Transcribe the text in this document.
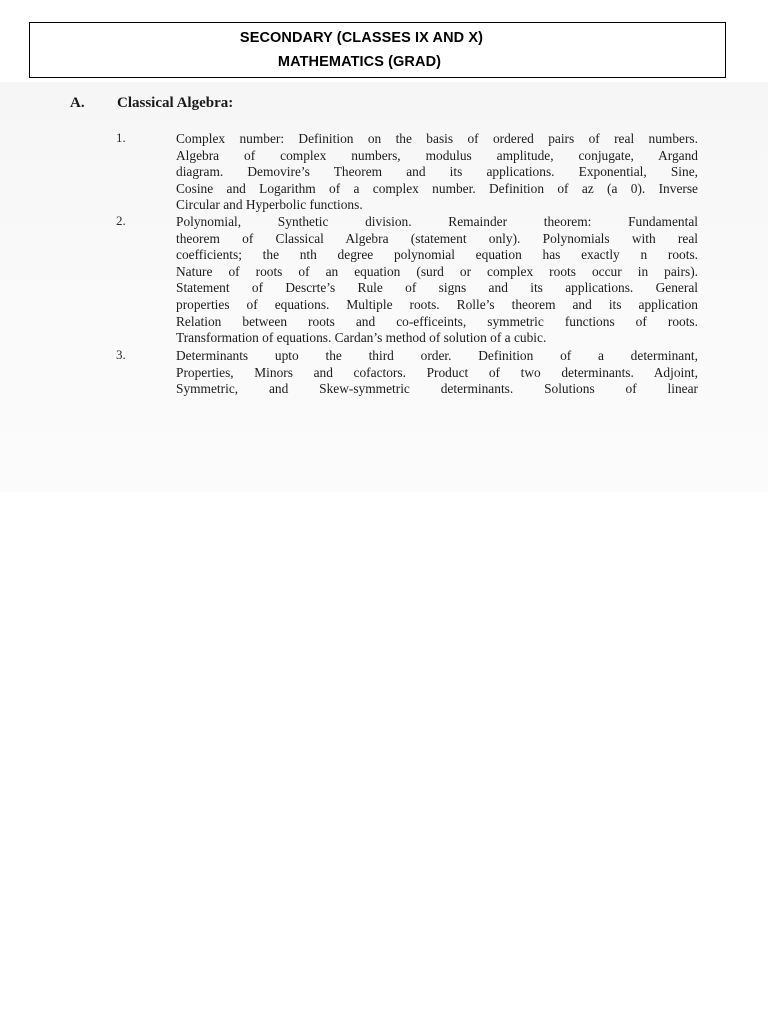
SECONDARY (CLASSES IX AND X)
MATHEMATICS (GRAD)
A. Classical Algebra:
1.	Complex number: Definition on the basis of ordered pairs of real numbers.
Algebra of complex numbers, modulus amplitude, conjugate, Argand
diagram. Demovire’s Theorem and its applications. Exponential, Sine,
Cosine and Logarithm of a complex number. Definition of az (a 0). Inverse
Circular and Hyperbolic functions.
2.	Polynomial, Synthetic division. Remainder theorem: Fundamental
theorem of Classical Algebra (statement only). Polynomials with real
coefficients; the nth degree polynomial equation has exactly n roots.
Nature of roots of an equation (surd or complex roots occur in pairs).
Statement of Descrte’s Rule of signs and its applications. General
properties of equations. Multiple roots. Rolle’s theorem and its application
Relation between roots and co-efficeints, symmetric functions of roots.
Transformation of equations. Cardan’s method of solution of a cubic.
3.	Determinants upto the third order. Definition of a determinant,
Properties, Minors and cofactors. Product of two determinants. Adjoint,
Symmetric, and Skew-symmetric determinants. Solutions of linear
